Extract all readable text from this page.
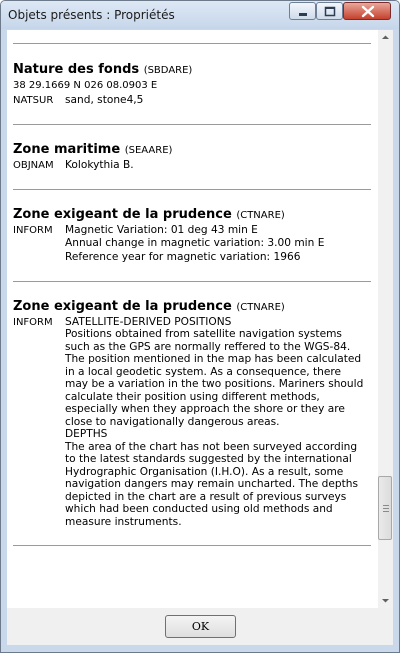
Objets présents : Propriétés
Nature des fonds (SBDARE)
38 29.1669 N 026 08.0903 E
NATSUR	sand, stone4,5
Zone maritime (SEAARE)
OBJNAM	Kolokythia B.
Zone exigeant de la prudence (CTNARE)
INFORM	Magnetic Variation: 01 deg 43 min E
Annual change in magnetic variation: 3.00 min E
Reference year for magnetic variation: 1966
Zone exigeant de la prudence (CTNARE)
INFORM	SATELLITE-DERIVED POSITIONS
Positions obtained from satellite navigation systems such as the GPS are normally reffered to the WGS-84. The position mentioned in the map has been calculated in a local geodetic system. As a consequence, there may be a variation in the two positions. Mariners should calculate their position using different methods, especially when they approach the shore or they are close to navigationally dangerous areas.
DEPTHS
The area of the chart has not been surveyed according to the latest standards suggested by the international Hydrographic Organisation (I.H.O). As a result, some navigation dangers may remain uncharted. The depths depicted in the chart are a result of previous surveys which had been conducted using old methods and measure instruments.
OK
